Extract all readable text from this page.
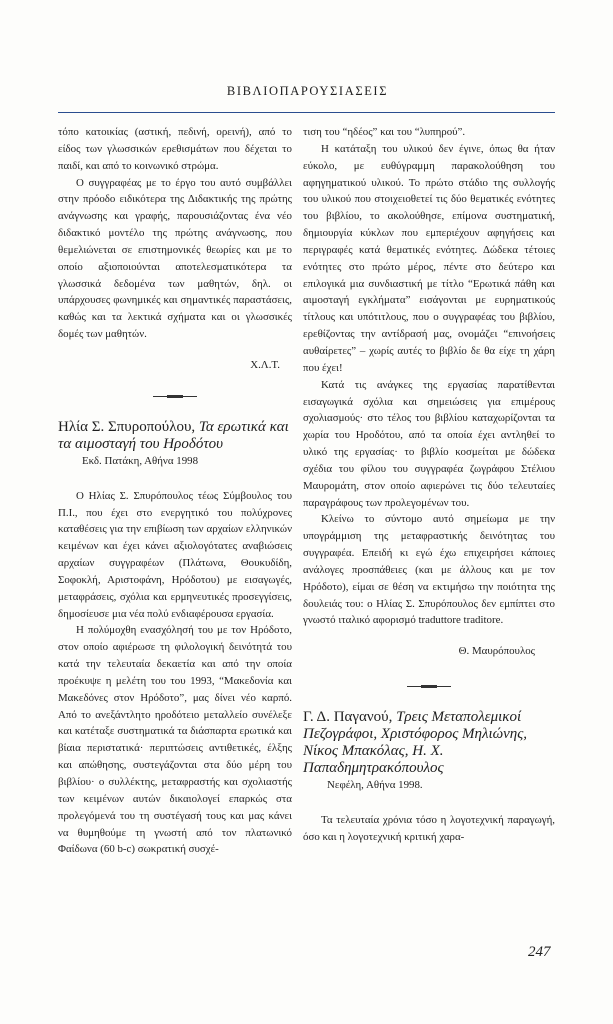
ΒΙΒΛΙΟΠΑΡΟΥΣΙΑΣΕΙΣ

τόπο κατοικίας (αστική, πεδινή, ορεινή), από το είδος των γλωσσικών ερεθισμάτων που δέχεται το παιδί, και από το κοινωνικό στρώμα.

Ο συγγραφέας με το έργο του αυτό συμβάλλει στην πρόοδο ειδικότερα της Διδακτικής της πρώτης ανάγνωσης και γραφής, παρουσιάζοντας ένα νέο διδακτικό μοντέλο της πρώτης ανάγνωσης, που θεμελιώνεται σε επιστημονικές θεωρίες και με το οποίο αξιοποιούνται αποτελεσματικότερα τα γλωσσικά δεδομένα των μαθητών, δηλ. οι υπάρχουσες φωνημικές και σημαντικές παραστάσεις, καθώς και τα λεκτικά σχήματα και οι γλωσσικές δομές των μαθητών.

Χ.Λ.Τ.

Ηλία Σ. Σπυροπούλου, Τα ερωτικά και τα αιμοσταγή του Ηροδότου

Εκδ. Πατάκη, Αθήνα 1998

Ο Ηλίας Σ. Σπυρόπουλος τέως Σύμβουλος του Π.Ι., που έχει στο ενεργητικό του πολύχρονες καταθέσεις για την επιβίωση των αρχαίων ελληνικών κειμένων και έχει κάνει αξιολογότατες αναβιώσεις αρχαίων συγγραφέων (Πλάτωνα, Θουκυδίδη, Σοφοκλή, Αριστοφάνη, Ηρόδοτου) με εισαγωγές, μεταφράσεις, σχόλια και ερμηνευτικές προσεγγίσεις, δημοσίευσε μια νέα πολύ ενδιαφέρουσα εργασία.

Η πολύμοχθη ενασχόλησή του με τον Ηρόδοτο, στον οποίο αφιέρωσε τη φιλολογική δεινότητά του κατά την τελευταία δεκαετία και από την οποία προέκυψε η μελέτη του του 1993, “Μακεδονία και Μακεδόνες στον Ηρόδοτο”, μας δίνει νέο καρπό. Από το ανεξάντλητο ηροδότειο μεταλλείο συνέλεξε και κατέταξε συστηματικά τα διάσπαρτα ερωτικά και βίαια περιστατικά· περιπτώσεις αντιθετικές, έλξης και απώθησης, συστεγάζονται στα δύο μέρη του βιβλίου· ο συλλέκτης, μεταφραστής και σχολιαστής των κειμένων αυτών δικαιολογεί επαρκώς στα προλεγόμενά του τη συστέγασή τους και μας κάνει να θυμηθούμε τη γνωστή από τον πλατωνικό Φαίδωνα (60 b-c) σωκρατική συσχέ-

τιση του “ηδέος” και του “λυπηρού”.

Η κατάταξη του υλικού δεν έγινε, όπως θα ήταν εύκολο, με ευθύγραμμη παρακολούθηση του αφηγηματικού υλικού. Το πρώτο στάδιο της συλλογής του υλικού που στοιχειοθετεί τις δύο θεματικές ενότητες του βιβλίου, το ακολούθησε, επίμονα συστηματική, δημιουργία κύκλων που εμπεριέχουν αφηγήσεις και περιγραφές κατά θεματικές ενότητες. Δώδεκα τέτοιες ενότητες στο πρώτο μέρος, πέντε στο δεύτερο και επιλογικά μια συνδιαστική με τίτλο “Ερωτικά πάθη και αιμοσταγή εγκλήματα” εισάγονται με ευρηματικούς τίτλους και υπότιτλους, που ο συγγραφέας του βιβλίου, ερεθίζοντας την αντίδρασή μας, ονομάζει “επινοήσεις αυθαίρετες” – χωρίς αυτές το βιβλίο δε θα είχε τη χάρη που έχει!

Κατά τις ανάγκες της εργασίας παρατίθενται εισαγωγικά σχόλια και σημειώσεις για επιμέρους σχολιασμούς· στο τέλος του βιβλίου καταχωρίζονται τα χωρία του Ηροδότου, από τα οποία έχει αντληθεί το υλικό της εργασίας· το βιβλίο κοσμείται με δώδεκα σχέδια του φίλου του συγγραφέα ζωγράφου Στέλιου Μαυρομάτη, στον οποίο αφιερώνει τις δύο τελευταίες παραγράφους των προλεγομένων του.

Κλείνω το σύντομο αυτό σημείωμα με την υπογράμμιση της μεταφραστικής δεινότητας του συγγραφέα. Επειδή κι εγώ έχω επιχειρήσει κάποιες ανάλογες προσπάθειες (και με άλλους και με τον Ηρόδοτο), είμαι σε θέση να εκτιμήσω την ποιότητα της δουλειάς του: ο Ηλίας Σ. Σπυρόπουλος δεν εμπίπτει στο γνωστό ιταλικό αφορισμό traduttore traditore.

Θ. Μαυρόπουλος

Γ. Δ. Παγανού, Τρεις Μεταπολεμικοί Πεζογράφοι, Χριστόφορος Μηλιώνης, Νίκος Μπακόλας, Η. Χ. Παπαδημητρακόπουλος

Νεφέλη, Αθήνα 1998.

Τα τελευταία χρόνια τόσο η λογοτεχνική παραγωγή, όσο και η λογοτεχνική κριτική χαρα-

247
